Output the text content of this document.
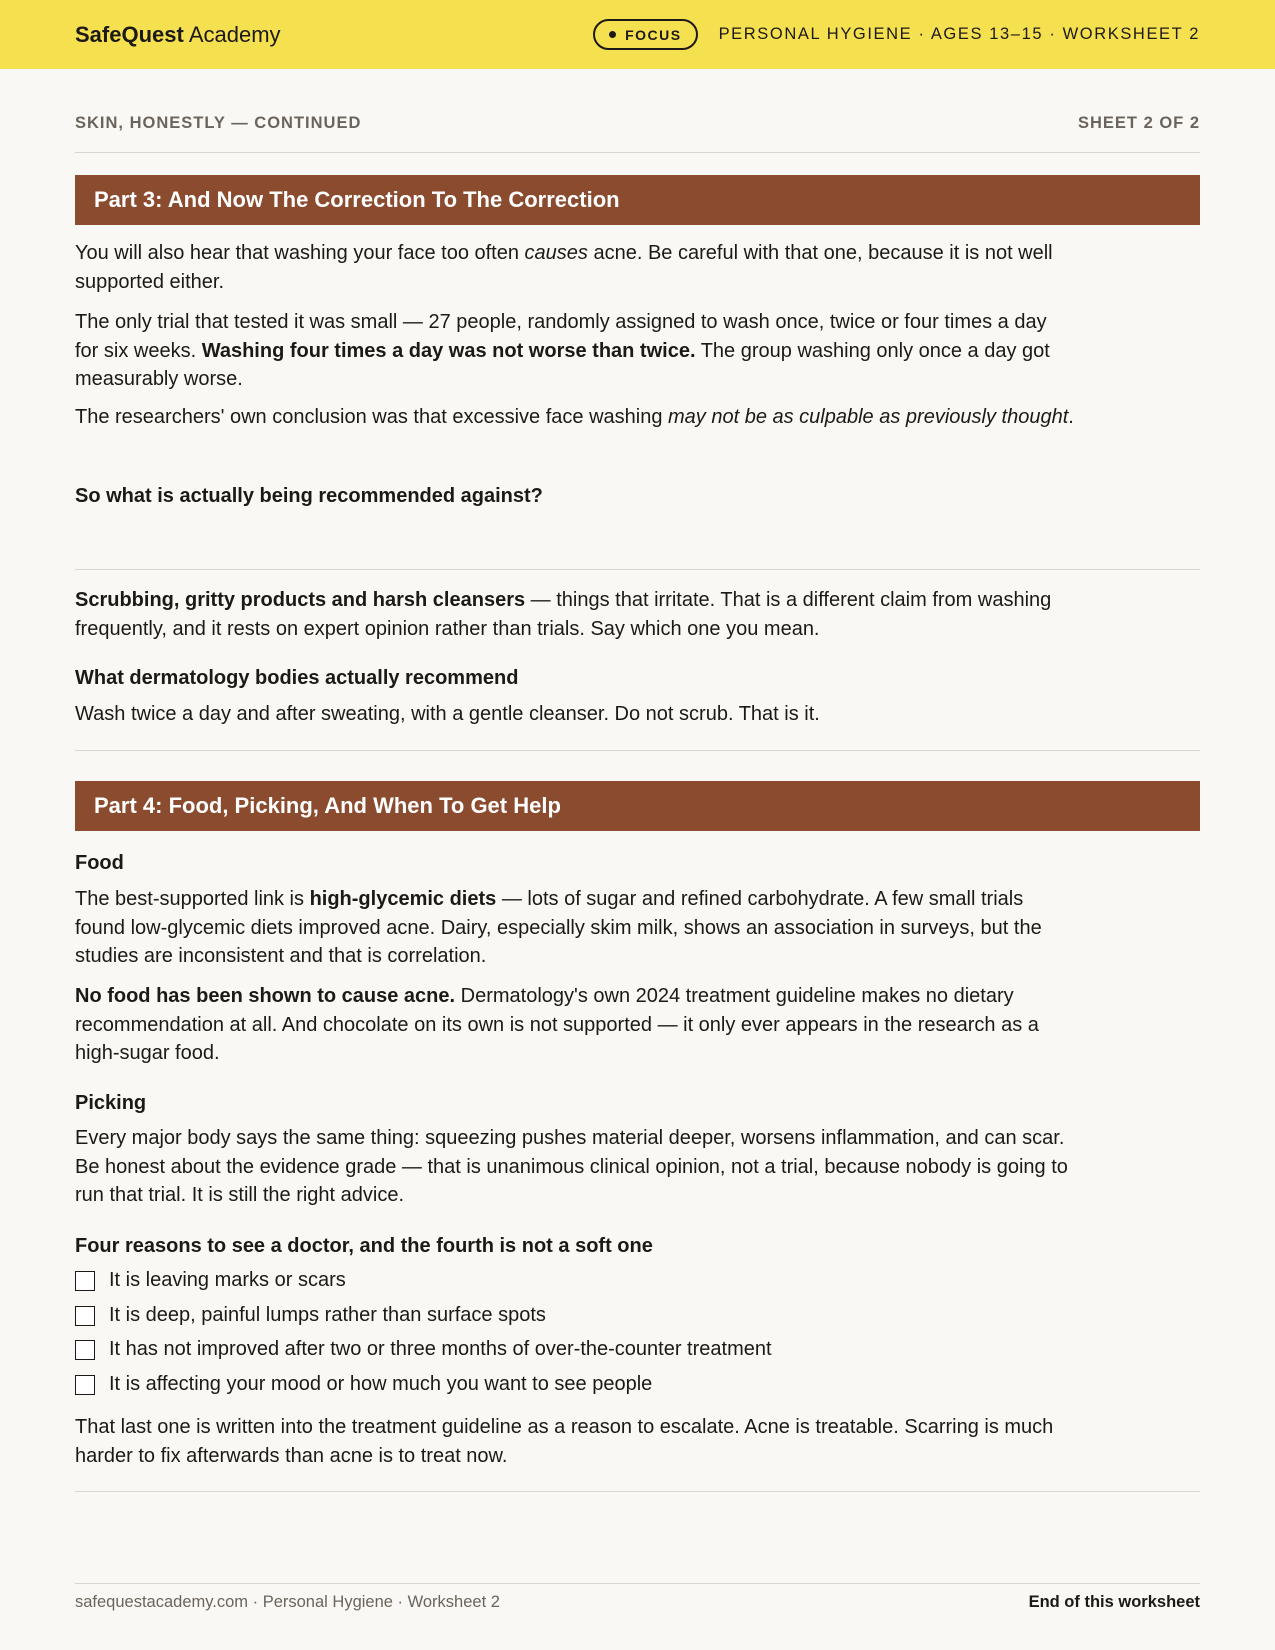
SafeQuest Academy	FOCUS PERSONAL HYGIENE · AGES 13–15 · WORKSHEET 2
SKIN, HONESTLY — CONTINUED	SHEET 2 OF 2
Part 3: And Now The Correction To The Correction

You will also hear that washing your face too often causes acne. Be careful with that one, because it is not well supported either.

The only trial that tested it was small — 27 people, randomly assigned to wash once, twice or four times a day for six weeks. Washing four times a day was not worse than twice. The group washing only once a day got measurably worse.

The researchers' own conclusion was that excessive face washing may not be as culpable as previously thought.

So what is actually being recommended against?

Scrubbing, gritty products and harsh cleansers — things that irritate. That is a different claim from washing frequently, and it rests on expert opinion rather than trials. Say which one you mean.

What dermatology bodies actually recommend

Wash twice a day and after sweating, with a gentle cleanser. Do not scrub. That is it.

Part 4: Food, Picking, And When To Get Help
Food

The best-supported link is high-glycemic diets — lots of sugar and refined carbohydrate. A few small trials found low-glycemic diets improved acne. Dairy, especially skim milk, shows an association in surveys, but the studies are inconsistent and that is correlation.

No food has been shown to cause acne. Dermatology's own 2024 treatment guideline makes no dietary recommendation at all. And chocolate on its own is not supported — it only ever appears in the research as a high-sugar food.

Picking

Every major body says the same thing: squeezing pushes material deeper, worsens inflammation, and can scar. Be honest about the evidence grade — that is unanimous clinical opinion, not a trial, because nobody is going to run that trial. It is still the right advice.

Four reasons to see a doctor, and the fourth is not a soft one
It is leaving marks or scars
It is deep, painful lumps rather than surface spots
It has not improved after two or three months of over-the-counter treatment
It is affecting your mood or how much you want to see people

That last one is written into the treatment guideline as a reason to escalate. Acne is treatable. Scarring is much harder to fix afterwards than acne is to treat now.

safequestacademy.com · Personal Hygiene · Worksheet 2	End of this worksheet
